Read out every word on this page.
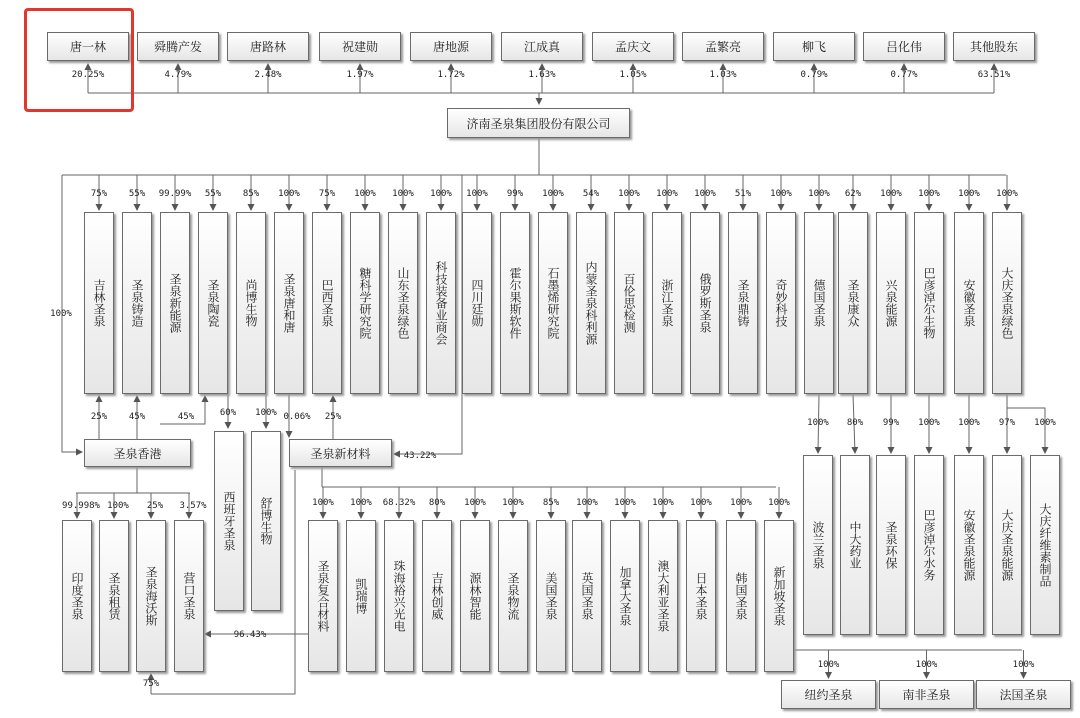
唐一林
20.25%
舜腾产发
4.79%
唐路林
2.48%
祝建勋
1.97%
唐地源
1.72%
江成真
1.63%
孟庆文
1.05%
孟繁亮
1.03%
柳飞
0.79%
吕化伟
0.77%
其他股东
63.51%
济南圣泉集团股份有限公司
吉林圣泉
75%
圣泉铸造
55%
圣泉新能源
99.99%
圣泉陶瓷
55%
尚博生物
85%
圣泉唐和唐
100%
巴西圣泉
75%
糖科学研究院
100%
山东圣泉绿色
100%
科技装备业商会
100%
四川廷勋
100%
霍尔果斯软件
99%
石墨烯研究院
100%
内蒙圣泉科利源
54%
百伦思检测
100%
浙江圣泉
100%
俄罗斯圣泉
100%
圣泉鼎铸
51%
奇妙科技
100%
德国圣泉
100%
圣泉康众
62%
兴泉能源
100%
巴彦淖尔生物
100%
安徽圣泉
100%
大庆圣泉绿色
100%
100%
圣泉香港
25% 45%	45%
印度圣泉
99.998%
圣泉租赁
100%
圣泉海沃斯
25%
营口圣泉
3.57%
75%
60%
西班牙圣泉
100%
舒博生物
圣泉新材料
0.06% 25%
43.22%
圣泉复合材料
100%
凯瑞博
100%
珠海裕兴光电
68.32%
吉林创威
80%
源林智能
100%
圣泉物流
100%
美国圣泉
85%
英国圣泉
100%
加拿大圣泉
100%
澳大利亚圣泉
100%
日本圣泉
100%
韩国圣泉
100%
新加坡圣泉
100%
96.43%
波兰圣泉
100%
中大药业
80%
圣泉环保
99%
巴彦淖尔水务
100%
安徽圣泉能源
100%
大庆圣泉能源
97%
大庆纤维素制品
100%
纽约圣泉
100%
南非圣泉
100%
法国圣泉
100%
